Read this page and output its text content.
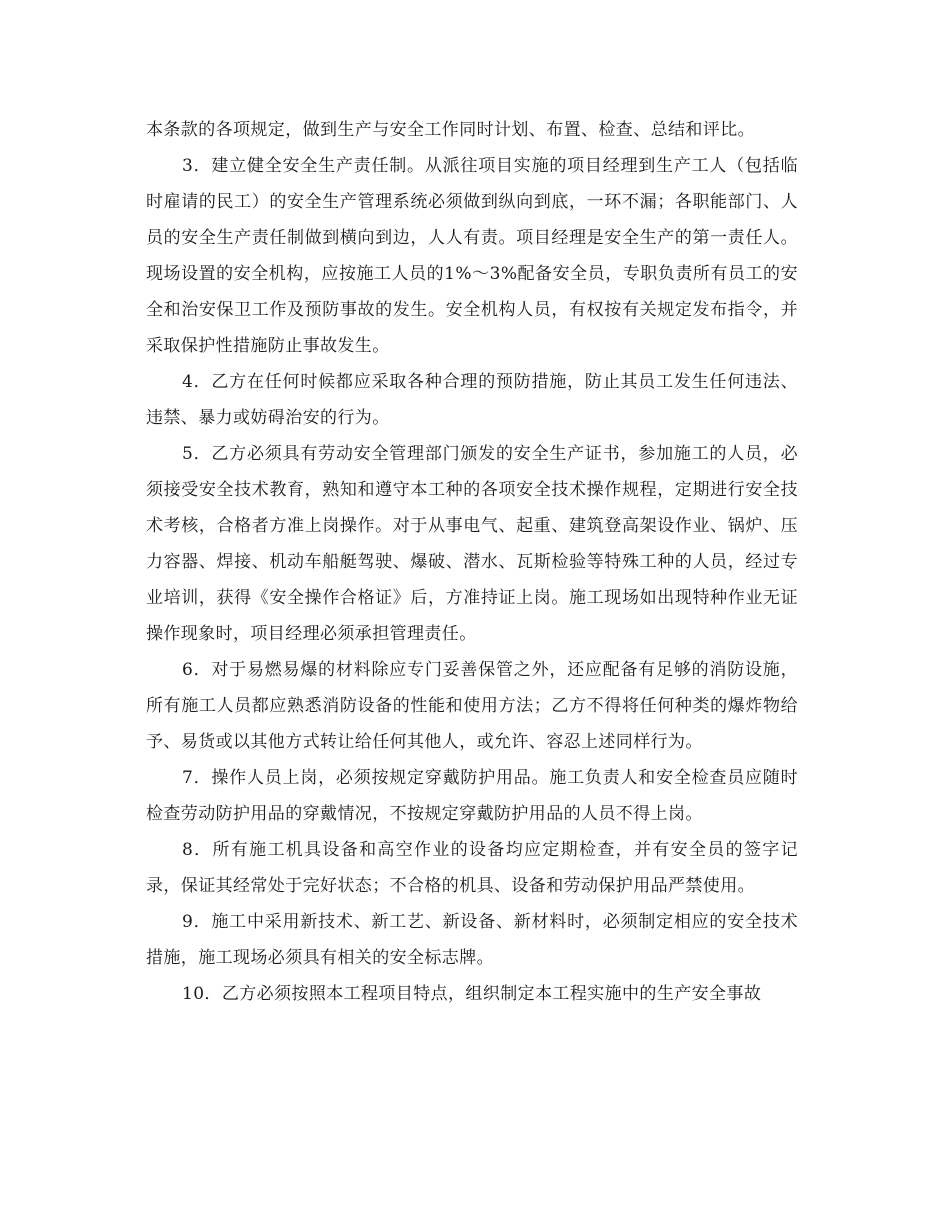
本条款的各项规定，做到生产与安全工作同时计划、布置、检查、总结和评比。

3．建立健全安全生产责任制。从派往项目实施的项目经理到生产工人（包括临时雇请的民工）的安全生产管理系统必须做到纵向到底，一环不漏；各职能部门、人员的安全生产责任制做到横向到边，人人有责。项目经理是安全生产的第一责任人。现场设置的安全机构，应按施工人员的1%～3%配备安全员，专职负责所有员工的安全和治安保卫工作及预防事故的发生。安全机构人员，有权按有关规定发布指令，并采取保护性措施防止事故发生。

4．乙方在任何时候都应采取各种合理的预防措施，防止其员工发生任何违法、违禁、暴力或妨碍治安的行为。

5．乙方必须具有劳动安全管理部门颁发的安全生产证书，参加施工的人员，必须接受安全技术教育，熟知和遵守本工种的各项安全技术操作规程，定期进行安全技术考核，合格者方准上岗操作。对于从事电气、起重、建筑登高架设作业、锅炉、压力容器、焊接、机动车船艇驾驶、爆破、潜水、瓦斯检验等特殊工种的人员，经过专业培训，获得《安全操作合格证》后，方准持证上岗。施工现场如出现特种作业无证操作现象时，项目经理必须承担管理责任。

6．对于易燃易爆的材料除应专门妥善保管之外，还应配备有足够的消防设施，所有施工人员都应熟悉消防设备的性能和使用方法；乙方不得将任何种类的爆炸物给予、易货或以其他方式转让给任何其他人，或允许、容忍上述同样行为。

7．操作人员上岗，必须按规定穿戴防护用品。施工负责人和安全检查员应随时检查劳动防护用品的穿戴情况，不按规定穿戴防护用品的人员不得上岗。

8．所有施工机具设备和高空作业的设备均应定期检查，并有安全员的签字记录，保证其经常处于完好状态；不合格的机具、设备和劳动保护用品严禁使用。

9．施工中采用新技术、新工艺、新设备、新材料时，必须制定相应的安全技术措施，施工现场必须具有相关的安全标志牌。

10．乙方必须按照本工程项目特点，组织制定本工程实施中的生产安全事故
